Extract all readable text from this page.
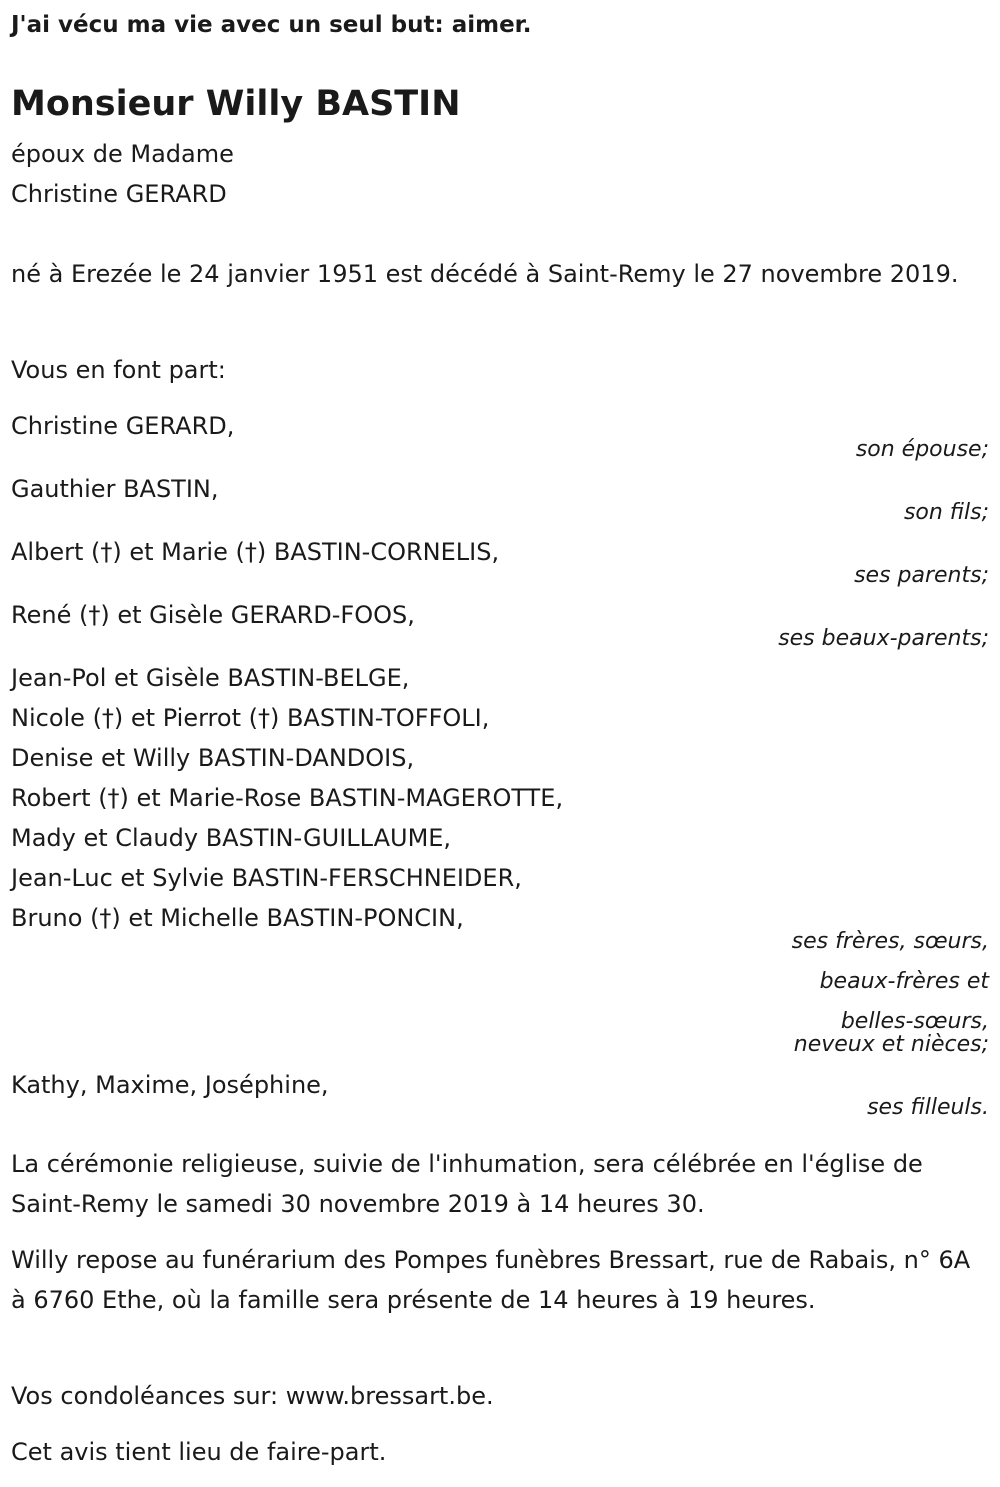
J'ai vécu ma vie avec un seul but: aimer.
Monsieur Willy BASTIN
époux de Madame
Christine GERARD
né à Erezée le 24 janvier 1951 est décédé à Saint-Remy le 27 novembre 2019.
Vous en font part:
Christine GERARD,
son épouse;
Gauthier BASTIN,
son fils;
Albert (†) et Marie (†) BASTIN-CORNELIS,
ses parents;
René (†) et Gisèle GERARD-FOOS,
ses beaux-parents;
Jean-Pol et Gisèle BASTIN-BELGE,
Nicole (†) et Pierrot (†) BASTIN-TOFFOLI,
Denise et Willy BASTIN-DANDOIS,
Robert (†) et Marie-Rose BASTIN-MAGEROTTE,
Mady et Claudy BASTIN-GUILLAUME,
Jean-Luc et Sylvie BASTIN-FERSCHNEIDER,
Bruno (†) et Michelle BASTIN-PONCIN,
ses frères, sœurs,
beaux-frères et
belles-sœurs,
neveux et nièces;
Kathy, Maxime, Joséphine,
ses filleuls.
La cérémonie religieuse, suivie de l'inhumation, sera célébrée en l'église de Saint-Remy le samedi 30 novembre 2019 à 14 heures 30.
Willy repose au funérarium des Pompes funèbres Bressart, rue de Rabais, n° 6A à 6760 Ethe, où la famille sera présente de 14 heures à 19 heures.
Vos condoléances sur: www.bressart.be.
Cet avis tient lieu de faire-part.
